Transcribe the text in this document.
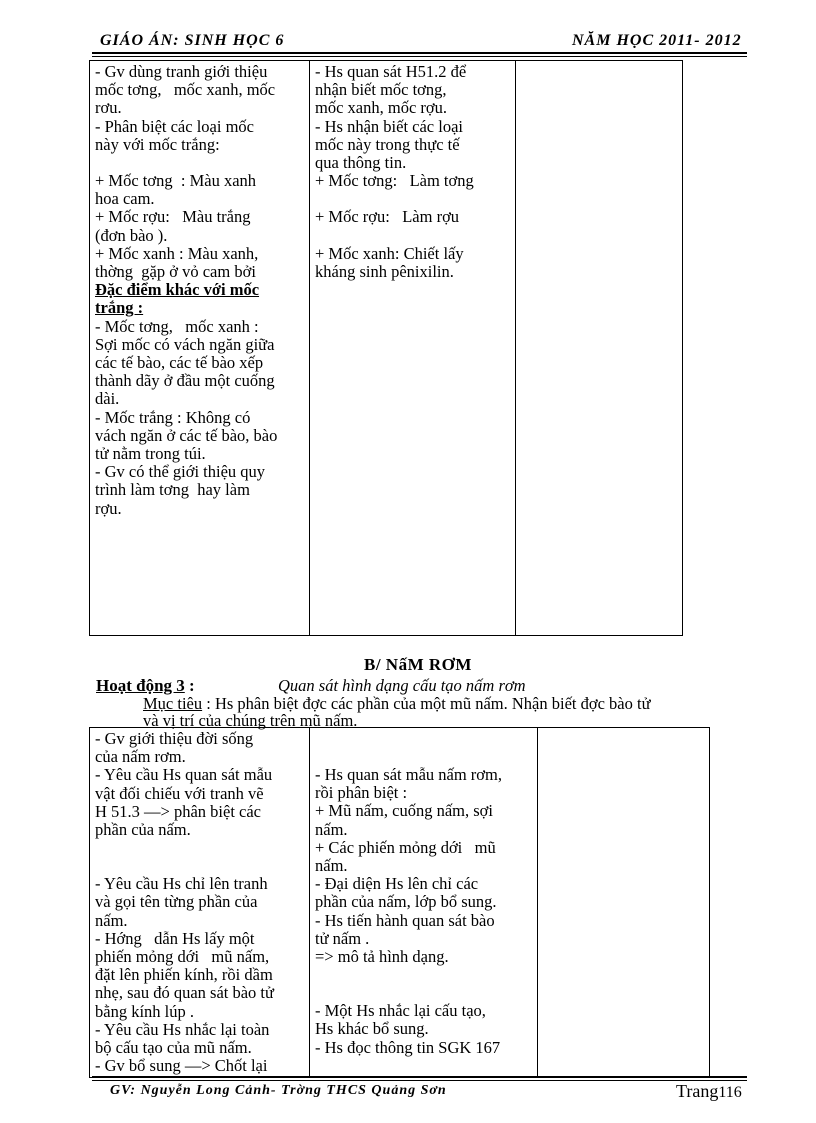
GIÁO ÁN: SINH HỌC 6	NĂM HỌC 2011- 2012
- Gv dùng tranh giới thiệu
mốc tơng,   mốc xanh, mốc
rơu.
- Phân biệt các loại mốc
này với mốc trắng:
+ Mốc tơng  : Màu xanh
hoa cam.
+ Mốc rợu:   Màu trắng
(đơn bào ).
+ Mốc xanh : Màu xanh,
thờng  gặp ở vỏ cam bởi
Đặc điểm khác với mốc
trắng :
- Mốc tơng,   mốc xanh :
Sợi mốc có vách ngăn giữa
các tế bào, các tế bào xếp
thành dãy ở đầu một cuống
dài.
- Mốc trắng : Không có
vách ngăn ở các tế bào, bào
tử nằm trong túi.
- Gv có thể giới thiệu quy
trình làm tơng  hay làm
rợu.

- Hs quan sát H51.2 để
nhận biết mốc tơng,
mốc xanh, mốc rợu.
- Hs nhận biết các loại
mốc này trong thực tế
qua thông tin.
+ Mốc tơng:   Làm tơng
+ Mốc rợu:   Làm rợu
+ Mốc xanh: Chiết lấy
kháng sinh pênixilin.

B/ NấM RƠM
Hoạt động 3 :	Quan sát hình dạng cấu tạo nấm rơm
Mục tiêu : Hs phân biệt đợc các phần của một mũ nấm. Nhận biết đợc bào tử
và vị trí của chúng trên mũ nấm.
- Gv giới thiệu đời sống
của nấm rơm.
- Yêu cầu Hs quan sát mẫu
vật đối chiếu với tranh vẽ
H 51.3 —> phân biệt các
phần của nấm.
- Yêu cầu Hs chỉ lên tranh
và gọi tên từng phần của
nấm.
- Hớng   dẫn Hs lấy một
phiến mỏng dới   mũ nấm,
đặt lên phiến kính, rồi dầm
nhẹ, sau đó quan sát bào tử
bằng kính lúp .
- Yêu cầu Hs nhắc lại toàn
bộ cấu tạo của mũ nấm.
- Gv bổ sung —> Chốt lại

- Hs quan sát mẫu nấm rơm,
rồi phân biệt :
+ Mũ nấm, cuống nấm, sợi
nấm.
+ Các phiến mỏng dới   mũ
nấm.
- Đại diện Hs lên chỉ các
phần của nấm, lớp bổ sung.
- Hs tiến hành quan sát bào
tử nấm .
=> mô tả hình dạng.
- Một Hs nhắc lại cấu tạo,
Hs khác bổ sung.
- Hs đọc thông tin SGK 167

GV: Nguyễn Long Cảnh- Trờng THCS Quảng Sơn	Trang116
